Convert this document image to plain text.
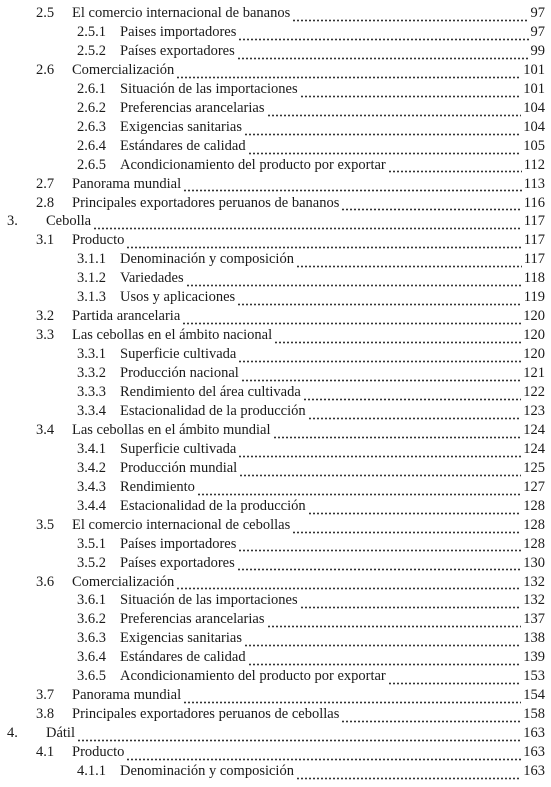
2.5	El comercio internacional de bananos	97
2.5.1 Paises importadores	97
2.5.2 Países exportadores	99
2.6	Comercialización	101
2.6.1 Situación de las importaciones	101
2.6.2 Preferencias arancelarias	104
2.6.3 Exigencias sanitarias	104
2.6.4 Estándares de calidad	105
2.6.5 Acondicionamiento del producto por exportar	112
2.7	Panorama mundial	113
2.8	Principales exportadores peruanos de bananos	116
3.	Cebolla	117
3.1	Producto	117
3.1.1 Denominación y composición	117
3.1.2 Variedades	118
3.1.3 Usos y aplicaciones	119
3.2	Partida arancelaria	120
3.3	Las cebollas en el ámbito nacional	120
3.3.1 Superficie cultivada	120
3.3.2 Producción nacional	121
3.3.3 Rendimiento del área cultivada	122
3.3.4 Estacionalidad de la producción	123
3.4	Las cebollas en el ámbito mundial	124
3.4.1 Superficie cultivada	124
3.4.2 Producción mundial	125
3.4.3 Rendimiento	127
3.4.4 Estacionalidad de la producción	128
3.5	El comercio internacional de cebollas	128
3.5.1 Países importadores	128
3.5.2 Países exportadores	130
3.6	Comercialización	132
3.6.1 Situación de las importaciones	132
3.6.2 Preferencias arancelarias	137
3.6.3 Exigencias sanitarias	138
3.6.4 Estándares de calidad	139
3.6.5 Acondicionamiento del producto por exportar	153
3.7	Panorama mundial	154
3.8	Principales exportadores peruanos de cebollas	158
4.	Dátil	163
4.1	Producto	163
4.1.1 Denominación y composición	163
